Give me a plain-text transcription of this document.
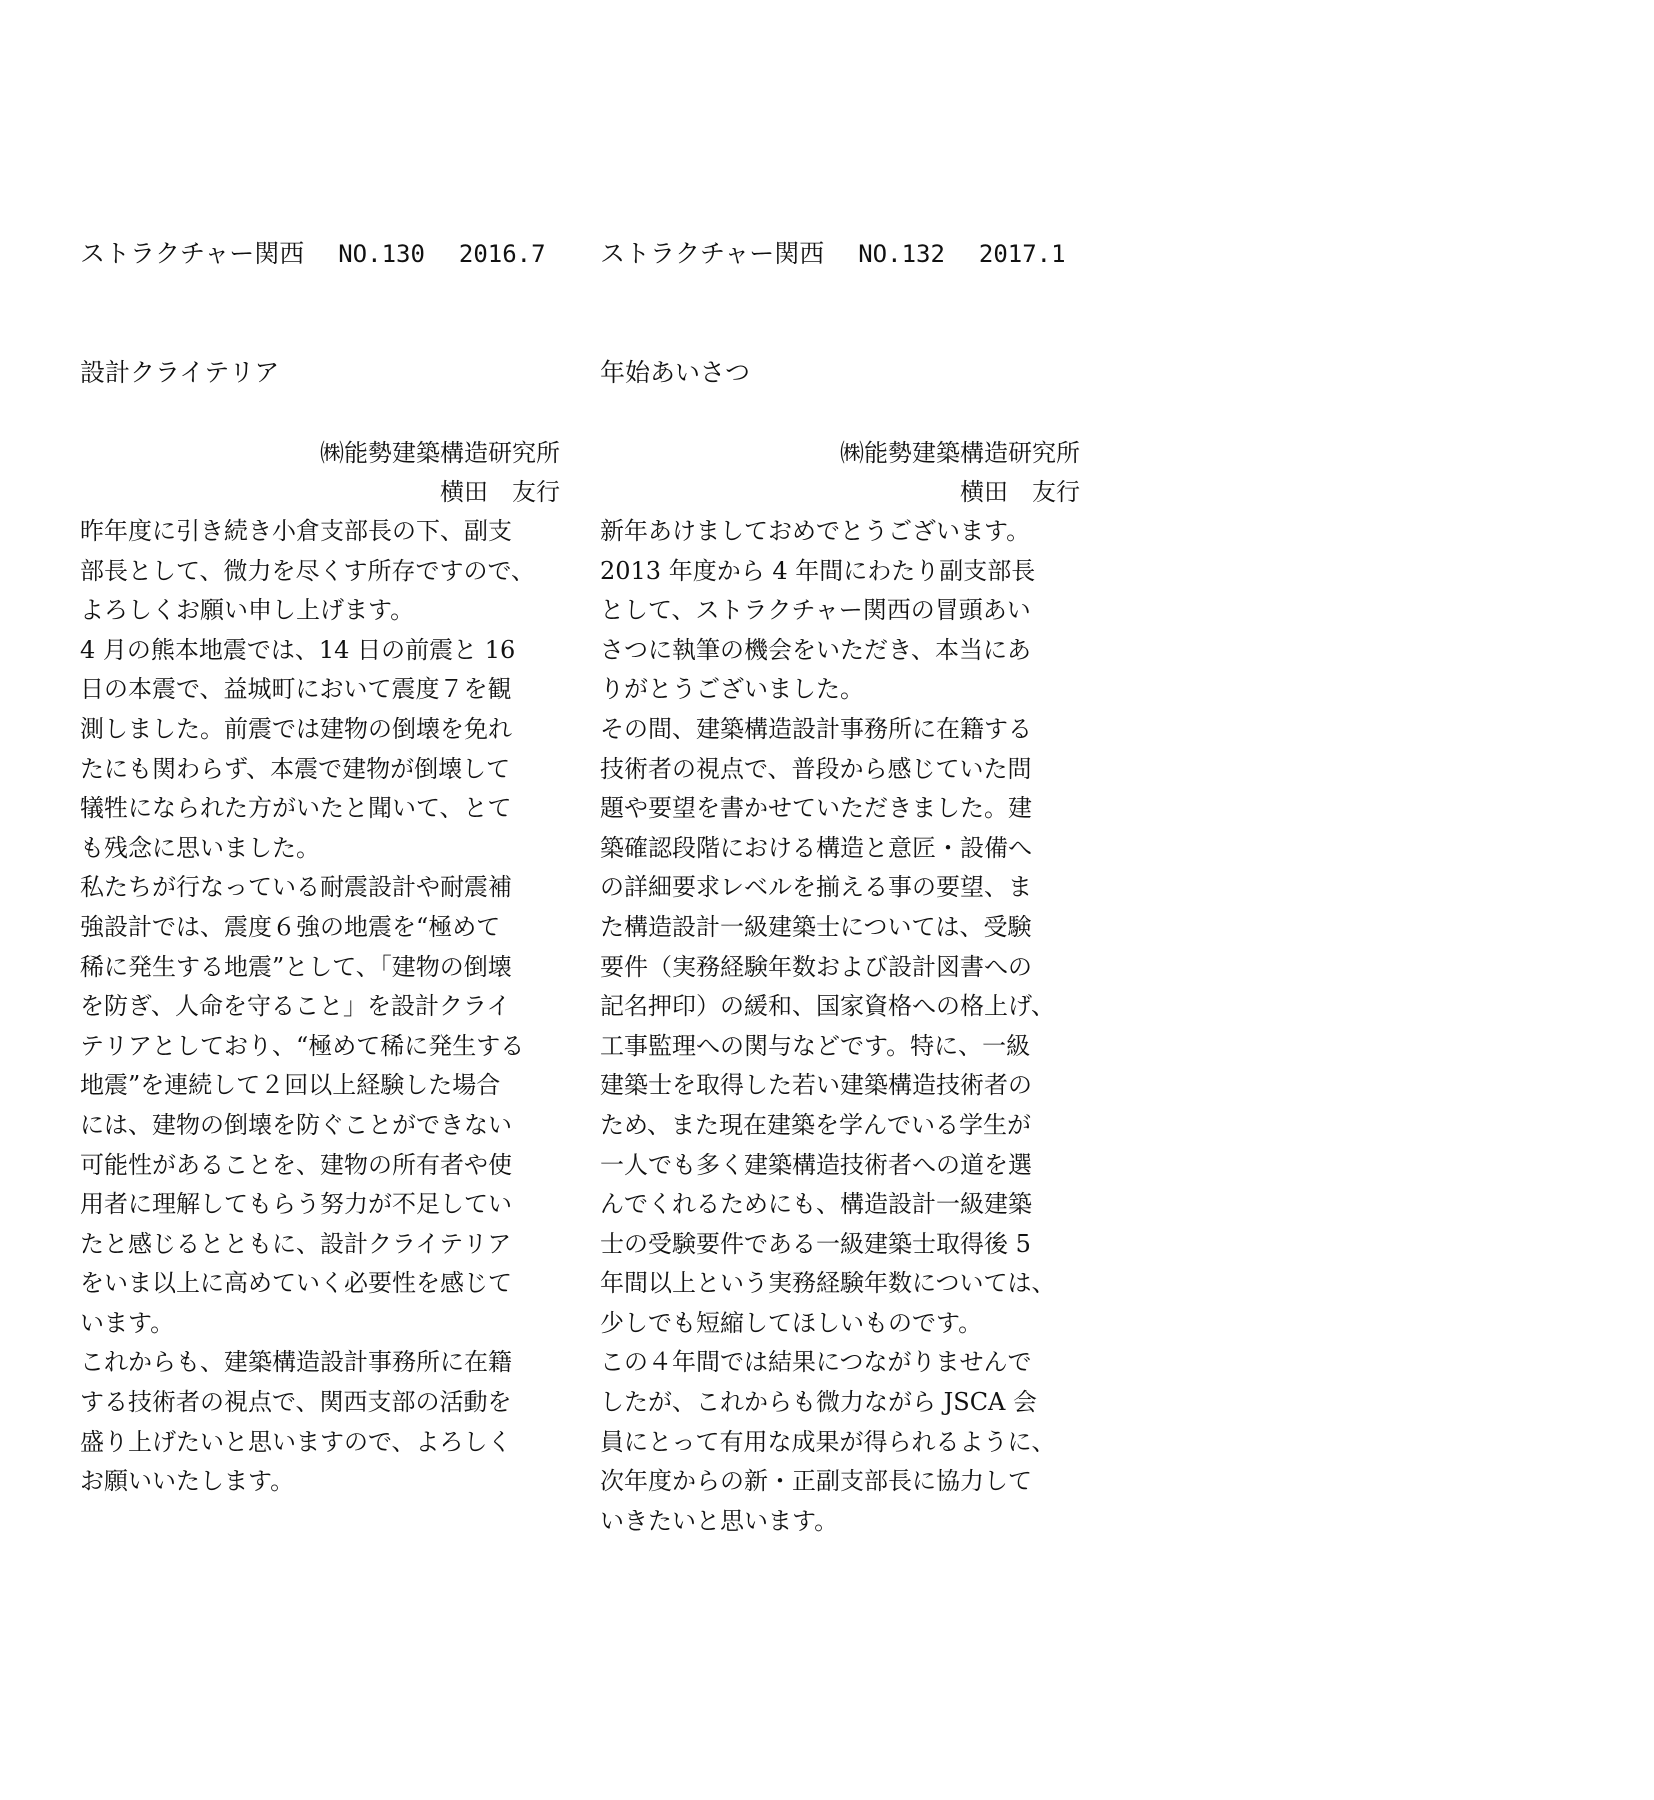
ストラクチャー関西 NO.130 2016.7
設計クライテリア
㈱能勢建築構造研究所
横田　友行
昨年度に引き続き小倉支部長の下、副支
部長として、微力を尽くす所存ですので、
よろしくお願い申し上げます。
4 月の熊本地震では、14 日の前震と 16
日の本震で、益城町において震度７を観
測しました。前震では建物の倒壊を免れ
たにも関わらず、本震で建物が倒壊して
犠牲になられた方がいたと聞いて、とて
も残念に思いました。
私たちが行なっている耐震設計や耐震補
強設計では、震度６強の地震を“極めて
稀に発生する地震”として、「建物の倒壊
を防ぎ、人命を守ること」を設計クライ
テリアとしており、“極めて稀に発生する
地震”を連続して２回以上経験した場合
には、建物の倒壊を防ぐことができない
可能性があることを、建物の所有者や使
用者に理解してもらう努力が不足してい
たと感じるとともに、設計クライテリア
をいま以上に高めていく必要性を感じて
います。
これからも、建築構造設計事務所に在籍
する技術者の視点で、関西支部の活動を
盛り上げたいと思いますので、よろしく
お願いいたします。
ストラクチャー関西 NO.132 2017.1
年始あいさつ
㈱能勢建築構造研究所
横田　友行
新年あけましておめでとうございます。
2013 年度から 4 年間にわたり副支部長
として、ストラクチャー関西の冒頭あい
さつに執筆の機会をいただき、本当にあ
りがとうございました。
その間、建築構造設計事務所に在籍する
技術者の視点で、普段から感じていた問
題や要望を書かせていただきました。建
築確認段階における構造と意匠・設備へ
の詳細要求レベルを揃える事の要望、ま
た構造設計一級建築士については、受験
要件（実務経験年数および設計図書への
記名押印）の緩和、国家資格への格上げ、
工事監理への関与などです。特に、一級
建築士を取得した若い建築構造技術者の
ため、また現在建築を学んでいる学生が
一人でも多く建築構造技術者への道を選
んでくれるためにも、構造設計一級建築
士の受験要件である一級建築士取得後 5
年間以上という実務経験年数については、
少しでも短縮してほしいものです。
この４年間では結果につながりませんで
したが、これからも微力ながら JSCA 会
員にとって有用な成果が得られるように、
次年度からの新・正副支部長に協力して
いきたいと思います。
